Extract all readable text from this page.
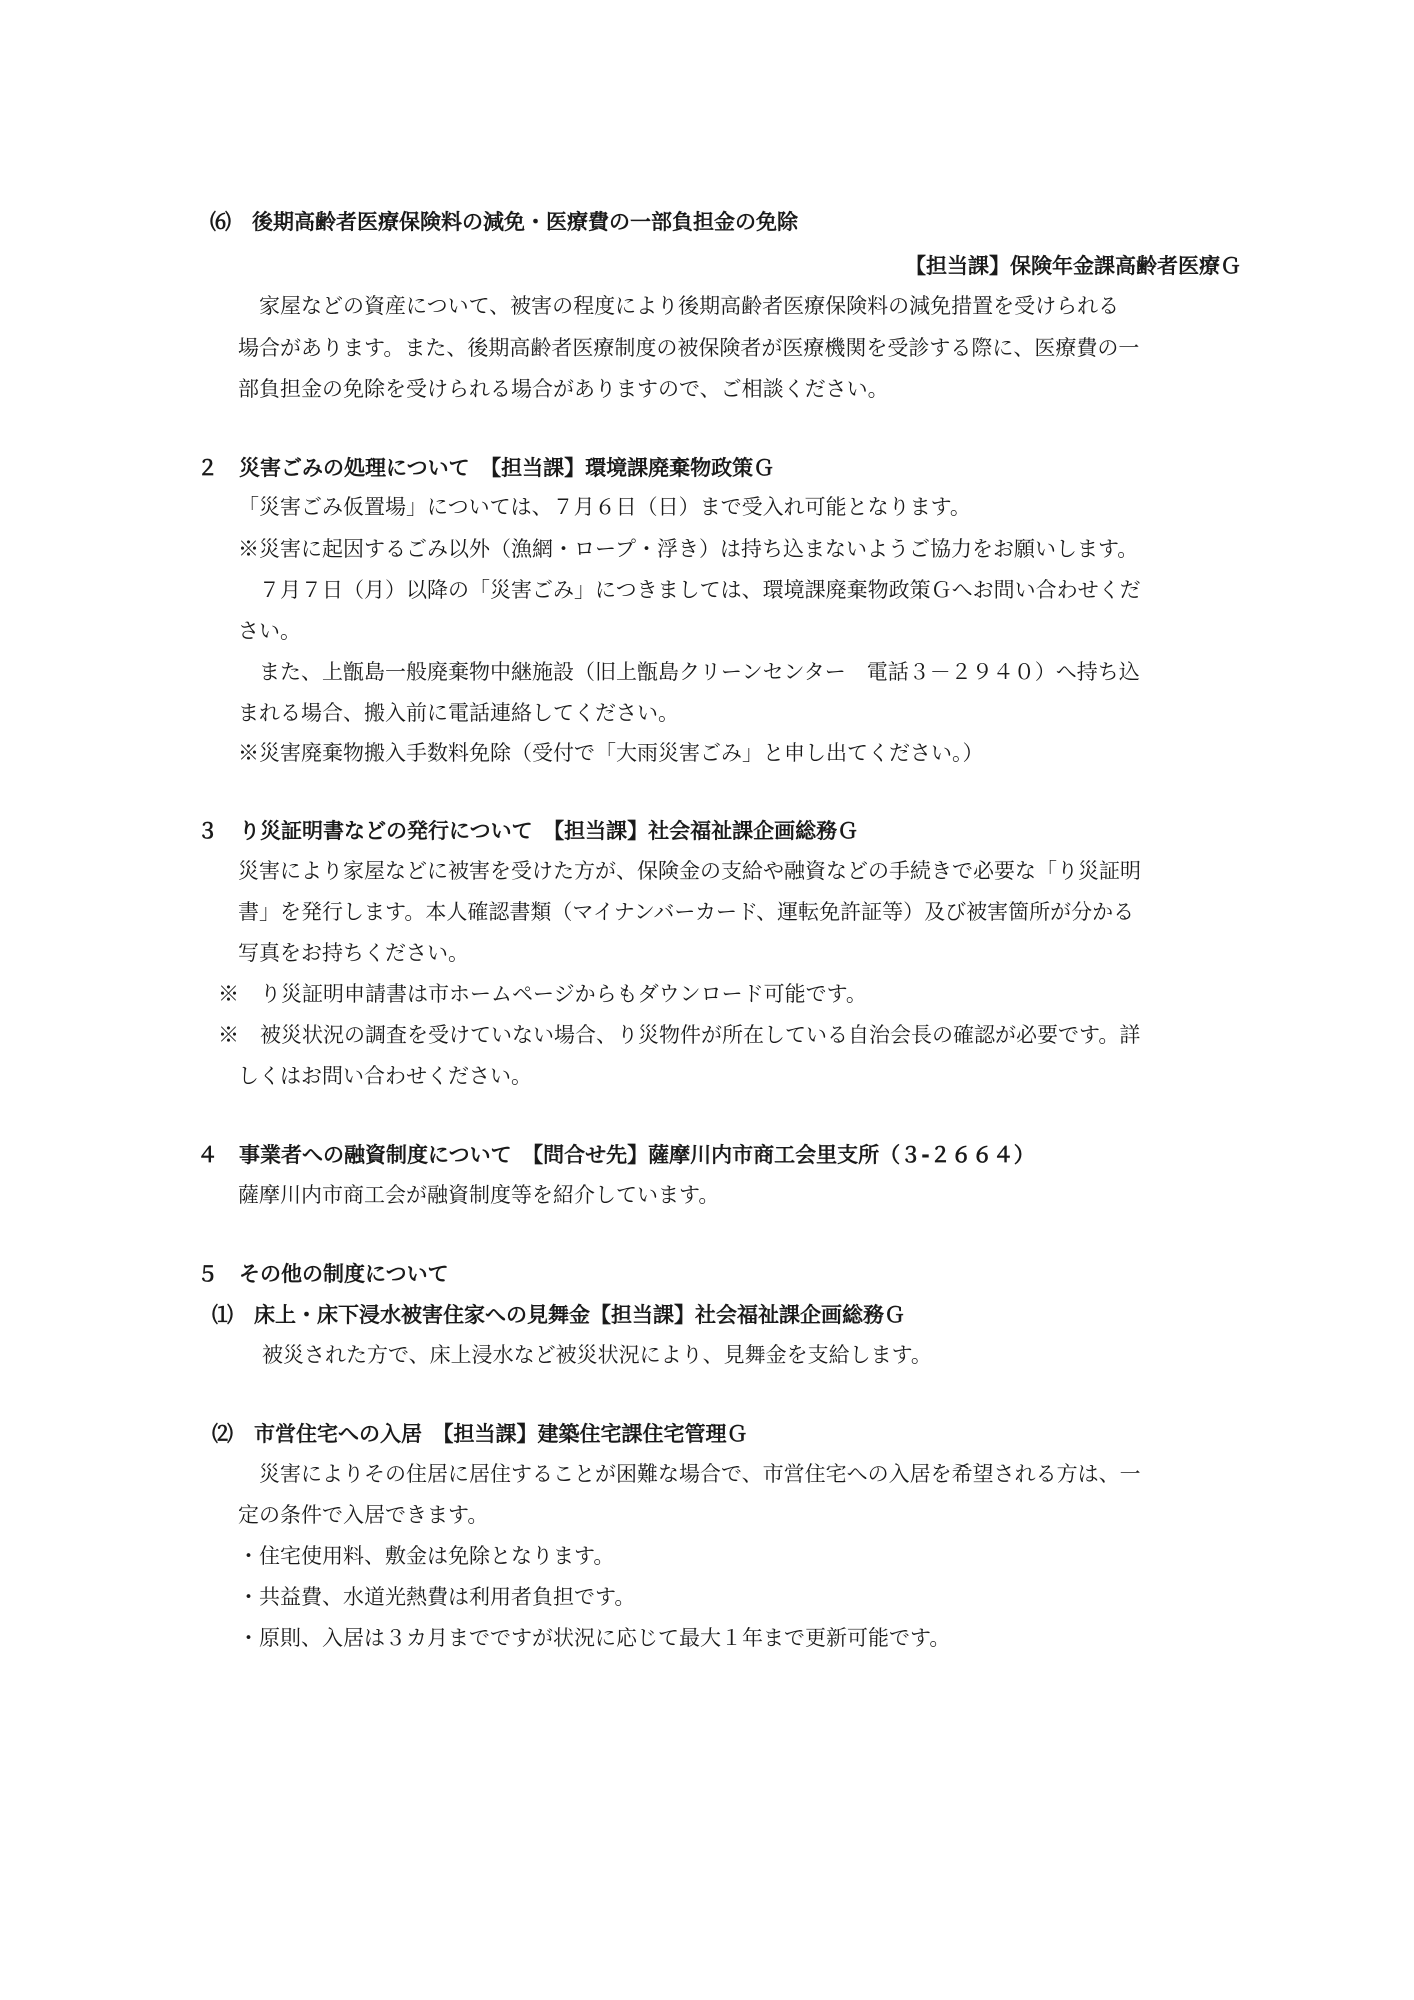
⑹　後期高齢者医療保険料の減免・医療費の一部負担金の免除
【担当課】保険年金課高齢者医療Ｇ
　家屋などの資産について、被害の程度により後期高齢者医療保険料の減免措置を受けられる
場合があります。また、後期高齢者医療制度の被保険者が医療機関を受診する際に、医療費の一
部負担金の免除を受けられる場合がありますので、ご相談ください。
２　災害ごみの処理について　【担当課】環境課廃棄物政策Ｇ
「災害ごみ仮置場」については、７月６日（日）まで受入れ可能となります。
※災害に起因するごみ以外（漁網・ロープ・浮き）は持ち込まないようご協力をお願いします。
　７月７日（月）以降の「災害ごみ」につきましては、環境課廃棄物政策Ｇへお問い合わせくだ
さい。
　また、上甑島一般廃棄物中継施設（旧上甑島クリーンセンター　電話３－２９４０）へ持ち込
まれる場合、搬入前に電話連絡してください。
※災害廃棄物搬入手数料免除（受付で「大雨災害ごみ」と申し出てください。）
３　り災証明書などの発行について　【担当課】社会福祉課企画総務Ｇ
災害により家屋などに被害を受けた方が、保険金の支給や融資などの手続きで必要な「り災証明
書」を発行します。本人確認書類（マイナンバーカード、運転免許証等）及び被害箇所が分かる
写真をお持ちください。
※　り災証明申請書は市ホームページからもダウンロード可能です。
※　被災状況の調査を受けていない場合、り災物件が所在している自治会長の確認が必要です。詳
しくはお問い合わせください。
４　事業者への融資制度について　【問合せ先】薩摩川内市商工会里支所（３-２６６４）
薩摩川内市商工会が融資制度等を紹介しています。
５　その他の制度について
⑴　床上・床下浸水被害住家への見舞金【担当課】社会福祉課企画総務Ｇ
被災された方で、床上浸水など被災状況により、見舞金を支給します。
⑵　市営住宅への入居　【担当課】建築住宅課住宅管理Ｇ
　災害によりその住居に居住することが困難な場合で、市営住宅への入居を希望される方は、一
定の条件で入居できます。
・住宅使用料、敷金は免除となります。
・共益費、水道光熱費は利用者負担です。
・原則、入居は３カ月までですが状況に応じて最大１年まで更新可能です。
